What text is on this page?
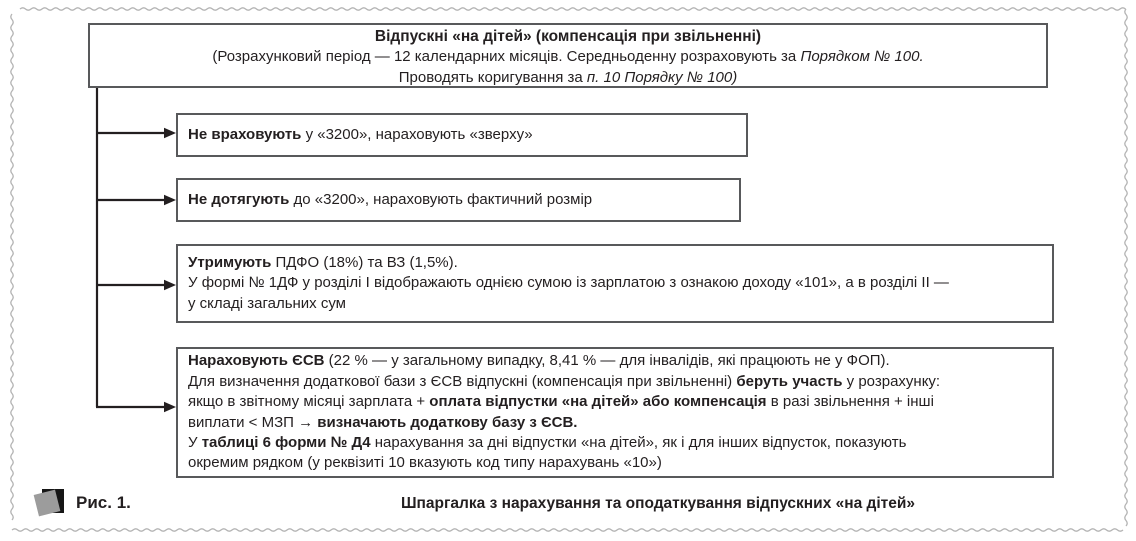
Відпускні «на дітей» (компенсація при звільненні)
(Розрахунковий період — 12 календарних місяців. Середньоденну розраховують за Порядком № 100.
Проводять коригування за п. 10 Порядку № 100)
Не враховують у «3200», нараховують «зверху»
Не дотягують до «3200», нараховують фактичний розмір
Утримують ПДФО (18%) та ВЗ (1,5%).
У формі № 1ДФ у розділі І відображають однією сумою із зарплатою з ознакою доходу «101», а в розділі ІІ —
у складі загальних сум
Нараховують ЄСВ (22 % — у загальному випадку, 8,41 % — для інвалідів, які працюють не у ФОП).
Для визначення додаткової бази з ЄСВ відпускні (компенсація при звільненні) беруть участь у розрахунку:
якщо в звітному місяці зарплата + оплата відпустки «на дітей» або компенсація в разі звільнення + інші
виплати < МЗП → визначають додаткову базу з ЄСВ.
У таблиці 6 форми № Д4 нарахування за дні відпустки «на дітей», як і для інших відпусток, показують
окремим рядком (у реквізиті 10 вказують код типу нарахувань «10»)
Рис. 1.	Шпаргалка з нарахування та оподаткування відпускних «на дітей»
